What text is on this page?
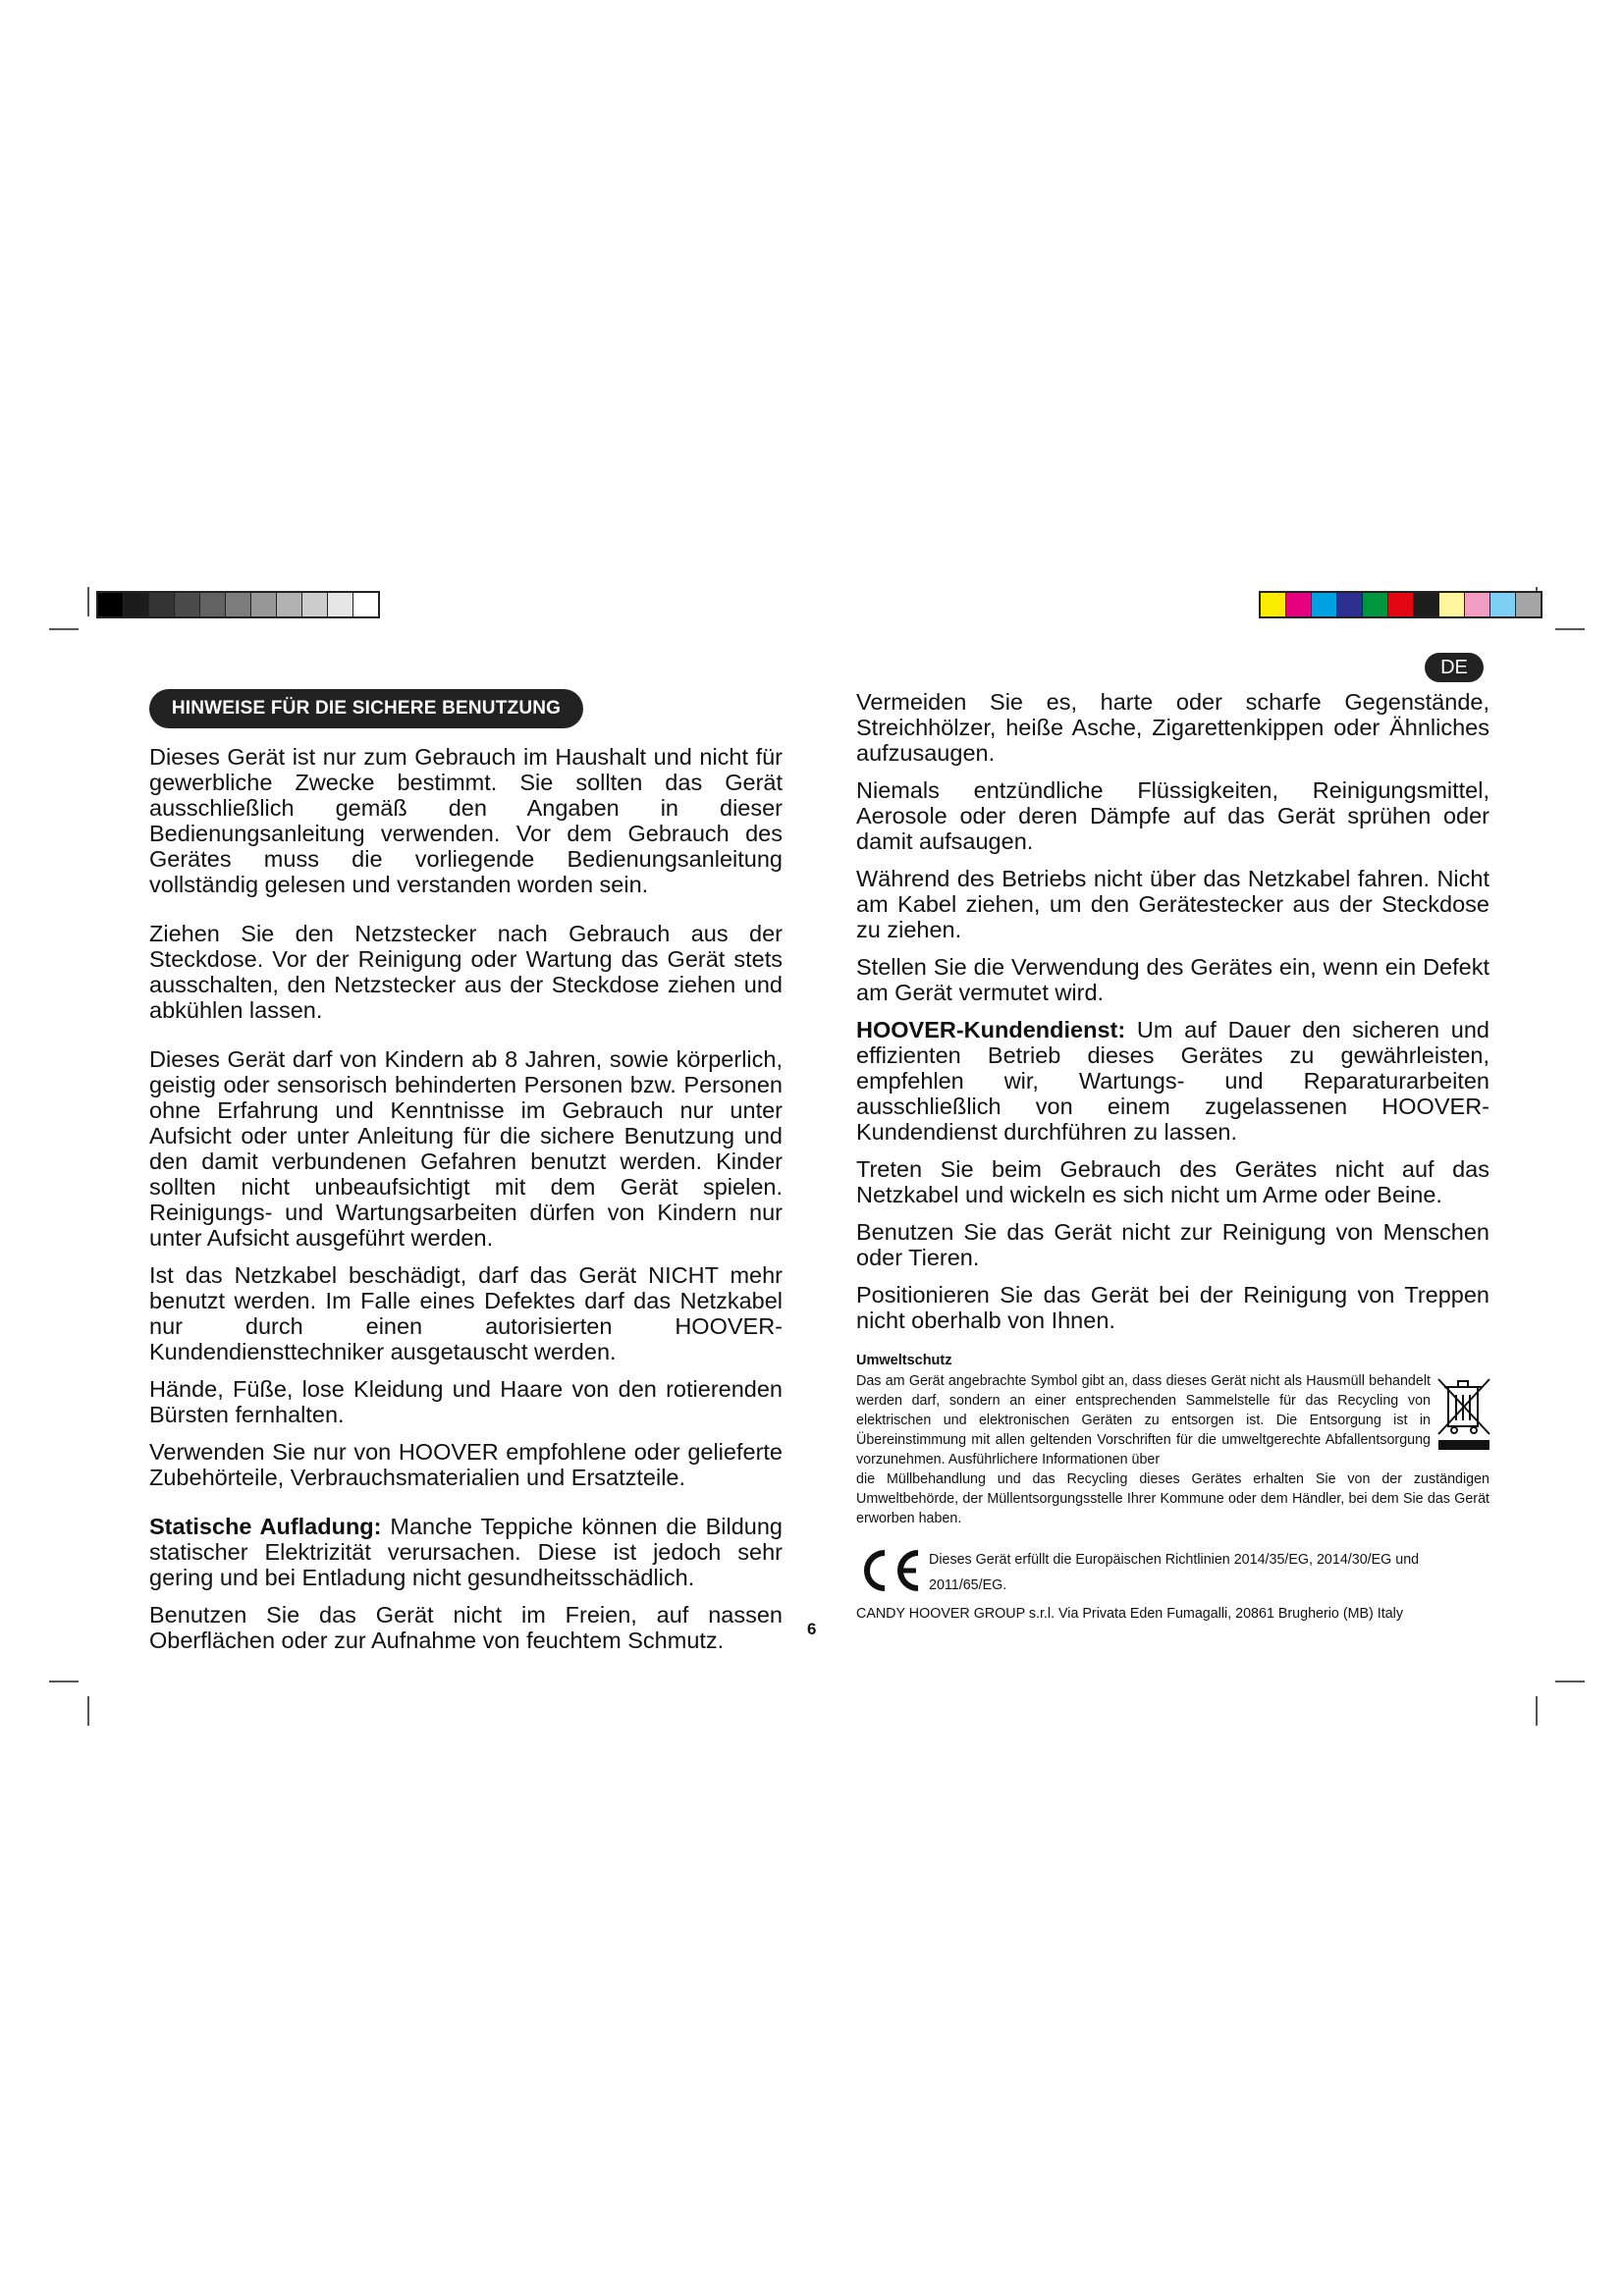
HINWEISE FÜR DIE SICHERE BENUTZUNG
DE

Dieses Gerät ist nur zum Gebrauch im Haushalt und nicht für gewerbliche Zwecke bestimmt. Sie sollten das Gerät ausschließlich gemäß den Angaben in dieser Bedienungsanleitung verwenden. Vor dem Gebrauch des Gerätes muss die vorliegende Bedienungsanleitung vollständig gelesen und verstanden worden sein.

Ziehen Sie den Netzstecker nach Gebrauch aus der Steckdose. Vor der Reinigung oder Wartung das Gerät stets ausschalten, den Netzstecker aus der Steckdose ziehen und abkühlen lassen.

Dieses Gerät darf von Kindern ab 8 Jahren, sowie körperlich, geistig oder sensorisch behinderten Personen bzw. Personen ohne Erfahrung und Kenntnisse im Gebrauch nur unter Aufsicht oder unter Anleitung für die sichere Benutzung und den damit verbundenen Gefahren benutzt werden. Kinder sollten nicht unbeaufsichtigt mit dem Gerät spielen. Reinigungs- und Wartungsarbeiten dürfen von Kindern nur unter Aufsicht ausgeführt werden.

Ist das Netzkabel beschädigt, darf das Gerät NICHT mehr benutzt werden. Im Falle eines Defektes darf das Netzkabel nur durch einen autorisierten HOOVER-Kundendiensttechniker ausgetauscht werden.

Hände, Füße, lose Kleidung und Haare von den rotierenden Bürsten fernhalten.

Verwenden Sie nur von HOOVER empfohlene oder gelieferte Zubehörteile, Verbrauchsmaterialien und Ersatzteile.

Statische Aufladung: Manche Teppiche können die Bildung statischer Elektrizität verursachen. Diese ist jedoch sehr gering und bei Entladung nicht gesundheitsschädlich.

Benutzen Sie das Gerät nicht im Freien, auf nassen Oberflächen oder zur Aufnahme von feuchtem Schmutz.

Vermeiden Sie es, harte oder scharfe Gegenstände, Streichhölzer, heiße Asche, Zigarettenkippen oder Ähnliches aufzusaugen.

Niemals entzündliche Flüssigkeiten, Reinigungsmittel, Aerosole oder deren Dämpfe auf das Gerät sprühen oder damit aufsaugen.

Während des Betriebs nicht über das Netzkabel fahren. Nicht am Kabel ziehen, um den Gerätestecker aus der Steckdose zu ziehen.

Stellen Sie die Verwendung des Gerätes ein, wenn ein Defekt am Gerät vermutet wird.

HOOVER-Kundendienst: Um auf Dauer den sicheren und effizienten Betrieb dieses Gerätes zu gewährleisten, empfehlen wir, Wartungs- und Reparaturarbeiten ausschließlich von einem zugelassenen HOOVER-Kundendienst durchführen zu lassen.

Treten Sie beim Gebrauch des Gerätes nicht auf das Netzkabel und wickeln es sich nicht um Arme oder Beine.

Benutzen Sie das Gerät nicht zur Reinigung von Menschen oder Tieren.

Positionieren Sie das Gerät bei der Reinigung von Treppen nicht oberhalb von Ihnen.

Umweltschutz
Das am Gerät angebrachte Symbol gibt an, dass dieses Gerät nicht als Hausmüll behandelt werden darf, sondern an einer entsprechenden Sammelstelle für das Recycling von elektrischen und elektronischen Geräten zu entsorgen ist. Die Entsorgung ist in Übereinstimmung mit allen geltenden Vorschriften für die umweltgerechte Abfallentsorgung vorzunehmen. Ausführlichere Informationen über
die Müllbehandlung und das Recycling dieses Gerätes erhalten Sie von der zuständigen Umweltbehörde, der Müllentsorgungsstelle Ihrer Kommune oder dem Händler, bei dem Sie das Gerät erworben haben.
Dieses Gerät erfüllt die Europäischen Richtlinien 2014/35/EG, 2014/30/EG und 2011/65/EG.
CANDY HOOVER GROUP s.r.l. Via Privata Eden Fumagalli, 20861 Brugherio (MB) Italy
6
